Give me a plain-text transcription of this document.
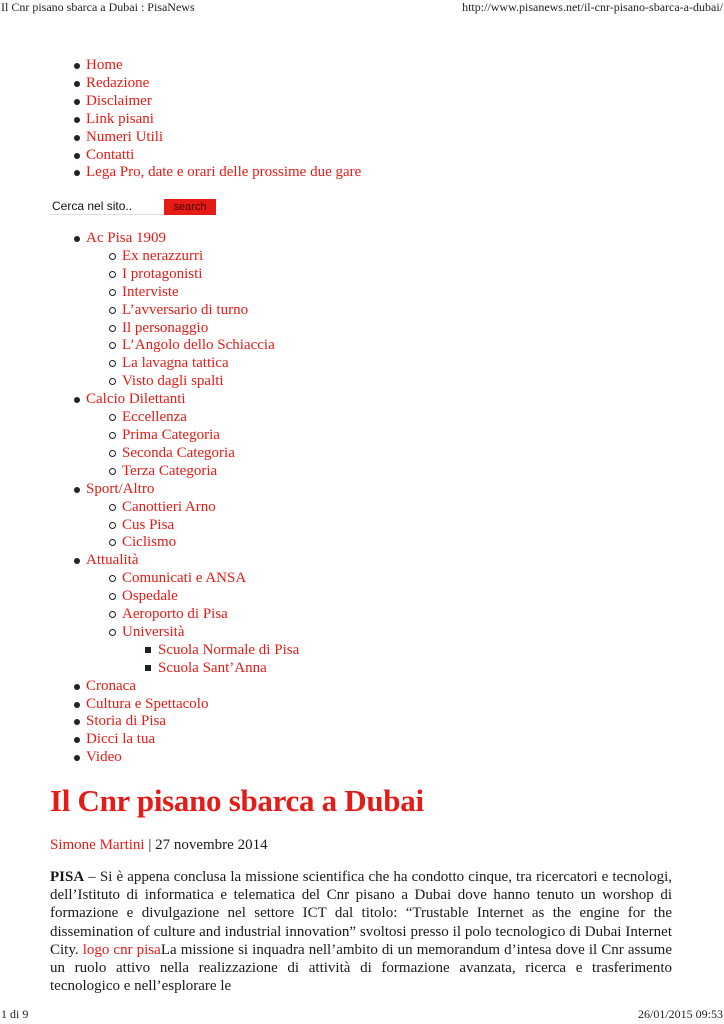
Il Cnr pisano sbarca a Dubai : PisaNews	http://www.pisanews.net/il-cnr-pisano-sbarca-a-dubai/
Home
Redazione
Disclaimer
Link pisani
Numeri Utili
Contatti
Lega Pro, date e orari delle prossime due gare
Cerca nel sito..
search
Ac Pisa 1909
Ex nerazzurri
I protagonisti
Interviste
L’avversario di turno
Il personaggio
L’Angolo dello Schiaccia
La lavagna tattica
Visto dagli spalti
Calcio Dilettanti
Eccellenza
Prima Categoria
Seconda Categoria
Terza Categoria
Sport/Altro
Canottieri Arno
Cus Pisa
Ciclismo
Attualità
Comunicati e ANSA
Ospedale
Aeroporto di Pisa
Università
Scuola Normale di Pisa
Scuola Sant’Anna
Cronaca
Cultura e Spettacolo
Storia di Pisa
Dicci la tua
Video
Il Cnr pisano sbarca a Dubai
Simone Martini | 27 novembre 2014

PISA – Si è appena conclusa la missione scientifica che ha condotto cinque, tra ricercatori e tecnologi, dell’Istituto di informatica e telematica del Cnr pisano a Dubai dove hanno tenuto un worshop di formazione e divulgazione nel settore ICT dal titolo: “Trustable Internet as the engine for the dissemination of culture and industrial innovation” svoltosi presso il polo tecnologico di Dubai Internet City. logo cnr pisaLa missione si inquadra nell’ambito di un memorandum d’intesa dove il Cnr assume un ruolo attivo nella realizzazione di attività di formazione avanzata, ricerca e trasferimento tecnologico e nell’esplorare le

1 di 9	26/01/2015 09:53
